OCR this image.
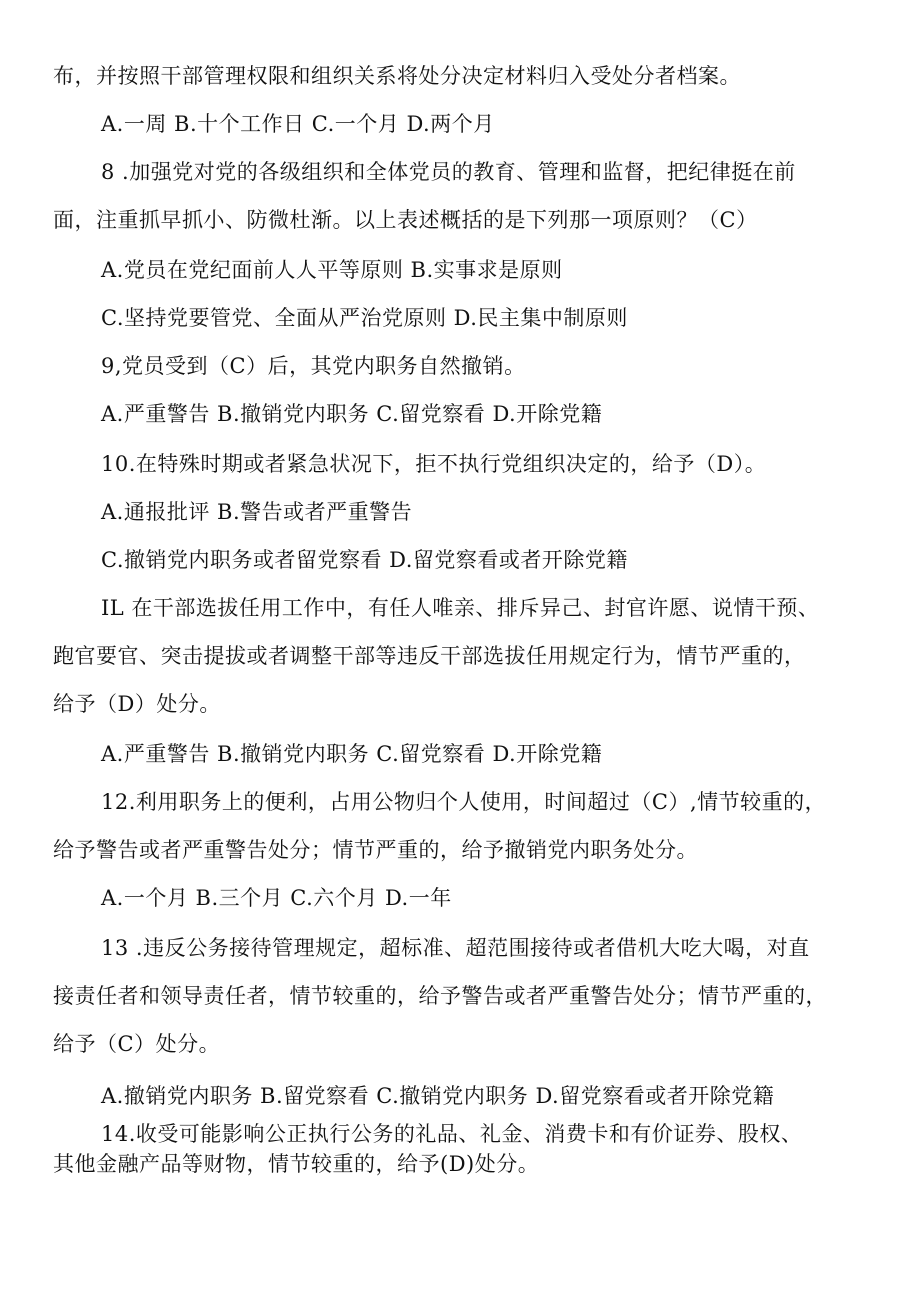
布，并按照干部管理权限和组织关系将处分决定材料归入受处分者档案。
A.一周 B.十个工作日 C.一个月 D.两个月
8 .加强党对党的各级组织和全体党员的教育、管理和监督，把纪律挺在前
面，注重抓早抓小、防微杜渐。以上表述概括的是下列那一项原则？（C）
A.党员在党纪面前人人平等原则 B.实事求是原则
C.坚持党要管党、全面从严治党原则 D.民主集中制原则
9,党员受到（C）后，其党内职务自然撤销。
A.严重警告 B.撤销党内职务 C.留党察看 D.开除党籍
10.在特殊时期或者紧急状况下，拒不执行党组织决定的，给予（D）。
A.通报批评 B.警告或者严重警告
C.撤销党内职务或者留党察看 D.留党察看或者开除党籍
IL 在干部选拔任用工作中，有任人唯亲、排斥异己、封官许愿、说情干预、
跑官要官、突击提拔或者调整干部等违反干部选拔任用规定行为，情节严重的，
给予（D）处分。
A.严重警告 B.撤销党内职务 C.留党察看 D.开除党籍
12.利用职务上的便利，占用公物归个人使用，时间超过（C）,情节较重的，
给予警告或者严重警告处分；情节严重的，给予撤销党内职务处分。
A.一个月 B.三个月 C.六个月 D.一年
13 .违反公务接待管理规定，超标准、超范围接待或者借机大吃大喝，对直
接责任者和领导责任者，情节较重的，给予警告或者严重警告处分；情节严重的，
给予（C）处分。
A.撤销党内职务 B.留党察看 C.撤销党内职务 D.留党察看或者开除党籍
14.收受可能影响公正执行公务的礼品、礼金、消费卡和有价证券、股权、
其他金融产品等财物，情节较重的，给予(D)处分。
